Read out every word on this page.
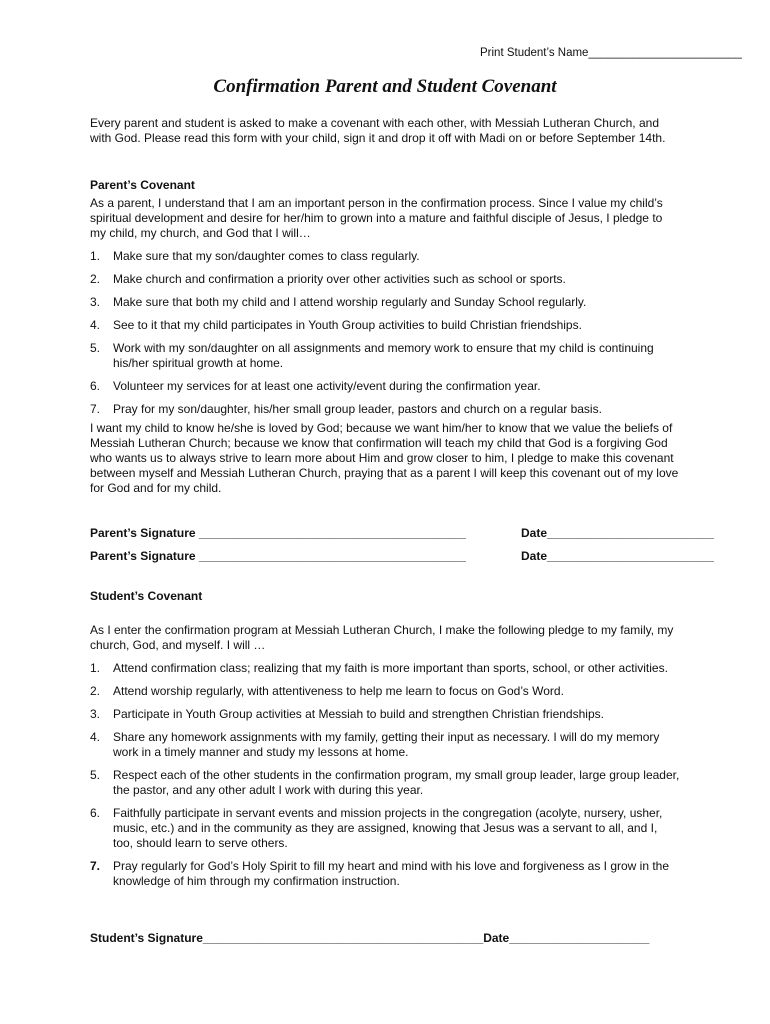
Print Student’s Name________________________
Confirmation Parent and Student Covenant

Every parent and student is asked to make a covenant with each other, with Messiah Lutheran Church, and with God. Please read this form with your child, sign it and drop it off with Madi on or before September 14th.

Parent’s Covenant

As a parent, I understand that I am an important person in the confirmation process. Since I value my child’s spiritual development and desire for her/him to grown into a mature and faithful disciple of Jesus, I pledge to my child, my church, and God that I will…

1. Make sure that my son/daughter comes to class regularly.
2. Make church and confirmation a priority over other activities such as school or sports.
3. Make sure that both my child and I attend worship regularly and Sunday School regularly.
4. See to it that my child participates in Youth Group activities to build Christian friendships.
5. Work with my son/daughter on all assignments and memory work to ensure that my child is continuing his/her spiritual growth at home.
6. Volunteer my services for at least one activity/event during the confirmation year.
7. Pray for my son/daughter, his/her small group leader, pastors and church on a regular basis.

I want my child to know he/she is loved by God; because we want him/her to know that we value the beliefs of Messiah Lutheran Church; because we know that confirmation will teach my child that God is a forgiving God who wants us to always strive to learn more about Him and grow closer to him, I pledge to make this covenant between myself and Messiah Lutheran Church, praying that as a parent I will keep this covenant out of my love for God and for my child.

Parent’s Signature ________________________________________	Date_________________________
Parent’s Signature ________________________________________	Date_________________________
Student’s Covenant

As I enter the confirmation program at Messiah Lutheran Church, I make the following pledge to my family, my church, God, and myself. I will …

1. Attend confirmation class; realizing that my faith is more important than sports, school, or other activities.
2. Attend worship regularly, with attentiveness to help me learn to focus on God’s Word.
3. Participate in Youth Group activities at Messiah to build and strengthen Christian friendships.
4. Share any homework assignments with my family, getting their input as necessary. I will do my memory work in a timely manner and study my lessons at home.
5. Respect each of the other students in the confirmation program, my small group leader, large group leader, the pastor, and any other adult I work with during this year.
6. Faithfully participate in servant events and mission projects in the congregation (acolyte, nursery, usher, music, etc.) and in the community as they are assigned, knowing that Jesus was a servant to all, and I, too, should learn to serve others.
7. Pray regularly for God’s Holy Spirit to fill my heart and mind with his love and forgiveness as I grow in the knowledge of him through my confirmation instruction.
Student’s Signature__________________________________________Date_____________________
